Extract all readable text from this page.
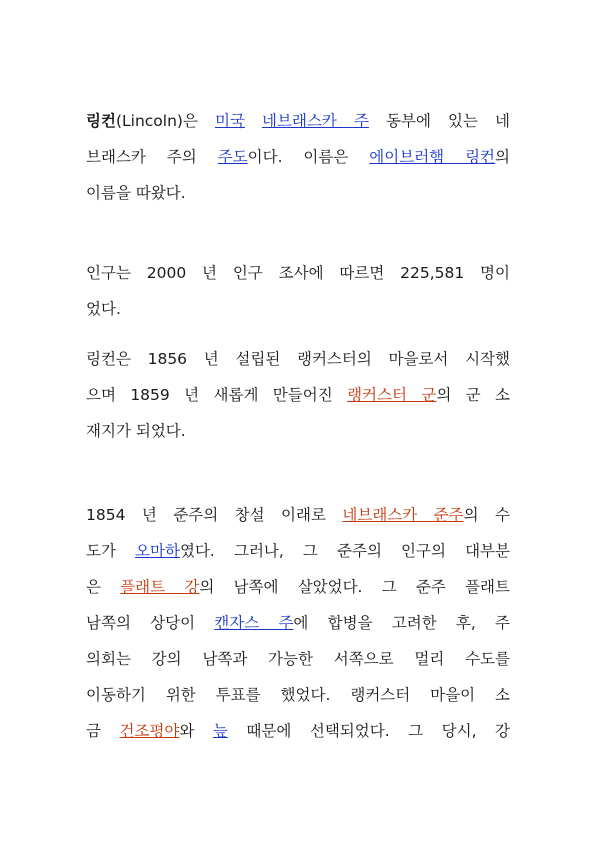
링컨(Lincoln)은 미국 네브래스카 주 동부에 있는 네
브래스카 주의 주도이다. 이름은 에이브러햄 링컨의
이름을 따왔다.
인구는 2000 년 인구 조사에 따르면 225,581 명이
었다.
링컨은 1856 년 설립된 랭커스터의 마을로서 시작했
으며 1859 년 새롭게 만들어진 랭커스터 군의 군 소
재지가 되었다.
1854 년 준주의 창설 이래로 네브래스카 준주의 수
도가 오마하였다. 그러나, 그 준주의 인구의 대부분
은 플래트 강의 남쪽에 살았었다. 그 준주 플래트
남쪽의 상당이 캔자스 주에 합병을 고려한 후, 주
의회는 강의 남쪽과 가능한 서쪽으로 멀리 수도를
이동하기 위한 투표를 했었다. 랭커스터 마을이 소
금 건조평야와 늪 때문에 선택되었다. 그 당시, 강
